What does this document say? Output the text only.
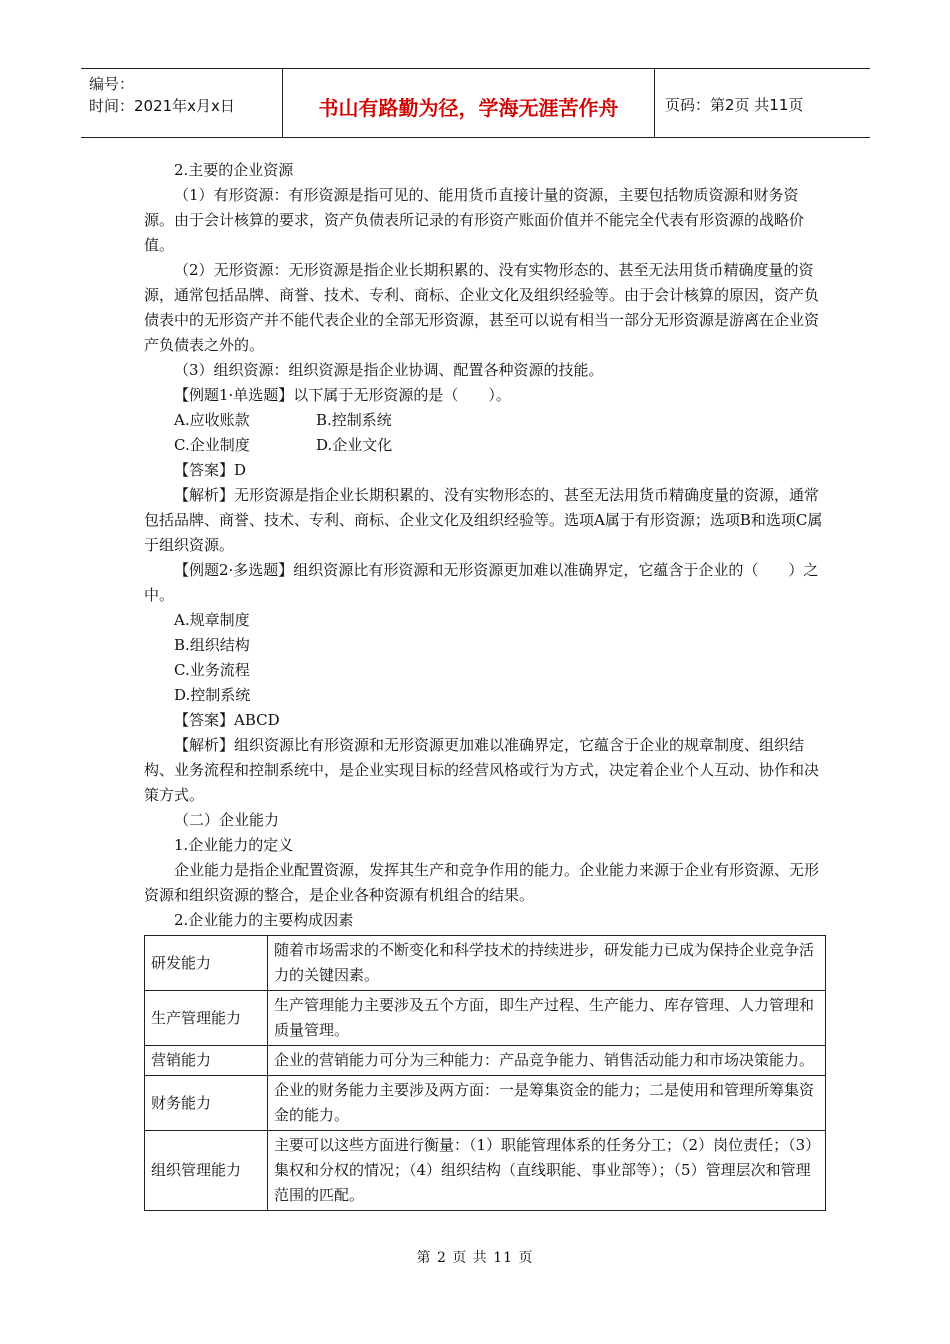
编号：
时间：2021年x月x日	书山有路勤为径，学海无涯苦作舟	页码：第2页 共11页

2.主要的企业资源

（1）有形资源：有形资源是指可见的、能用货币直接计量的资源，主要包括物质资源和财务资源。由于会计核算的要求，资产负债表所记录的有形资产账面价值并不能完全代表有形资源的战略价值。

（2）无形资源：无形资源是指企业长期积累的、没有实物形态的、甚至无法用货币精确度量的资源，通常包括品牌、商誉、技术、专利、商标、企业文化及组织经验等。由于会计核算的原因，资产负债表中的无形资产并不能代表企业的全部无形资源，甚至可以说有相当一部分无形资源是游离在企业资产负债表之外的。

（3）组织资源：组织资源是指企业协调、配置各种资源的技能。

【例题1·单选题】以下属于无形资源的是（　　）。

A.应收账款	B.控制系统
C.企业制度	D.企业文化

【答案】D

【解析】无形资源是指企业长期积累的、没有实物形态的、甚至无法用货币精确度量的资源，通常包括品牌、商誉、技术、专利、商标、企业文化及组织经验等。选项A属于有形资源；选项B和选项C属于组织资源。

【例题2·多选题】组织资源比有形资源和无形资源更加难以准确界定，它蕴含于企业的（　　）之中。

A.规章制度

B.组织结构

C.业务流程

D.控制系统

【答案】ABCD

【解析】组织资源比有形资源和无形资源更加难以准确界定，它蕴含于企业的规章制度、组织结构、业务流程和控制系统中，是企业实现目标的经营风格或行为方式，决定着企业个人互动、协作和决策方式。

（二）企业能力

1.企业能力的定义

企业能力是指企业配置资源，发挥其生产和竞争作用的能力。企业能力来源于企业有形资源、无形资源和组织资源的整合，是企业各种资源有机组合的结果。

2.企业能力的主要构成因素

研发能力	随着市场需求的不断变化和科学技术的持续进步，研发能力已成为保持企业竞争活力的关键因素。
生产管理能力	生产管理能力主要涉及五个方面，即生产过程、生产能力、库存管理、人力管理和质量管理。
营销能力	企业的营销能力可分为三种能力：产品竞争能力、销售活动能力和市场决策能力。
财务能力	企业的财务能力主要涉及两方面：一是筹集资金的能力；二是使用和管理所筹集资金的能力。
组织管理能力	主要可以这些方面进行衡量：（1）职能管理体系的任务分工；（2）岗位责任；（3）集权和分权的情况；（4）组织结构（直线职能、事业部等）；（5）管理层次和管理范围的匹配。
第 2 页 共 11 页
